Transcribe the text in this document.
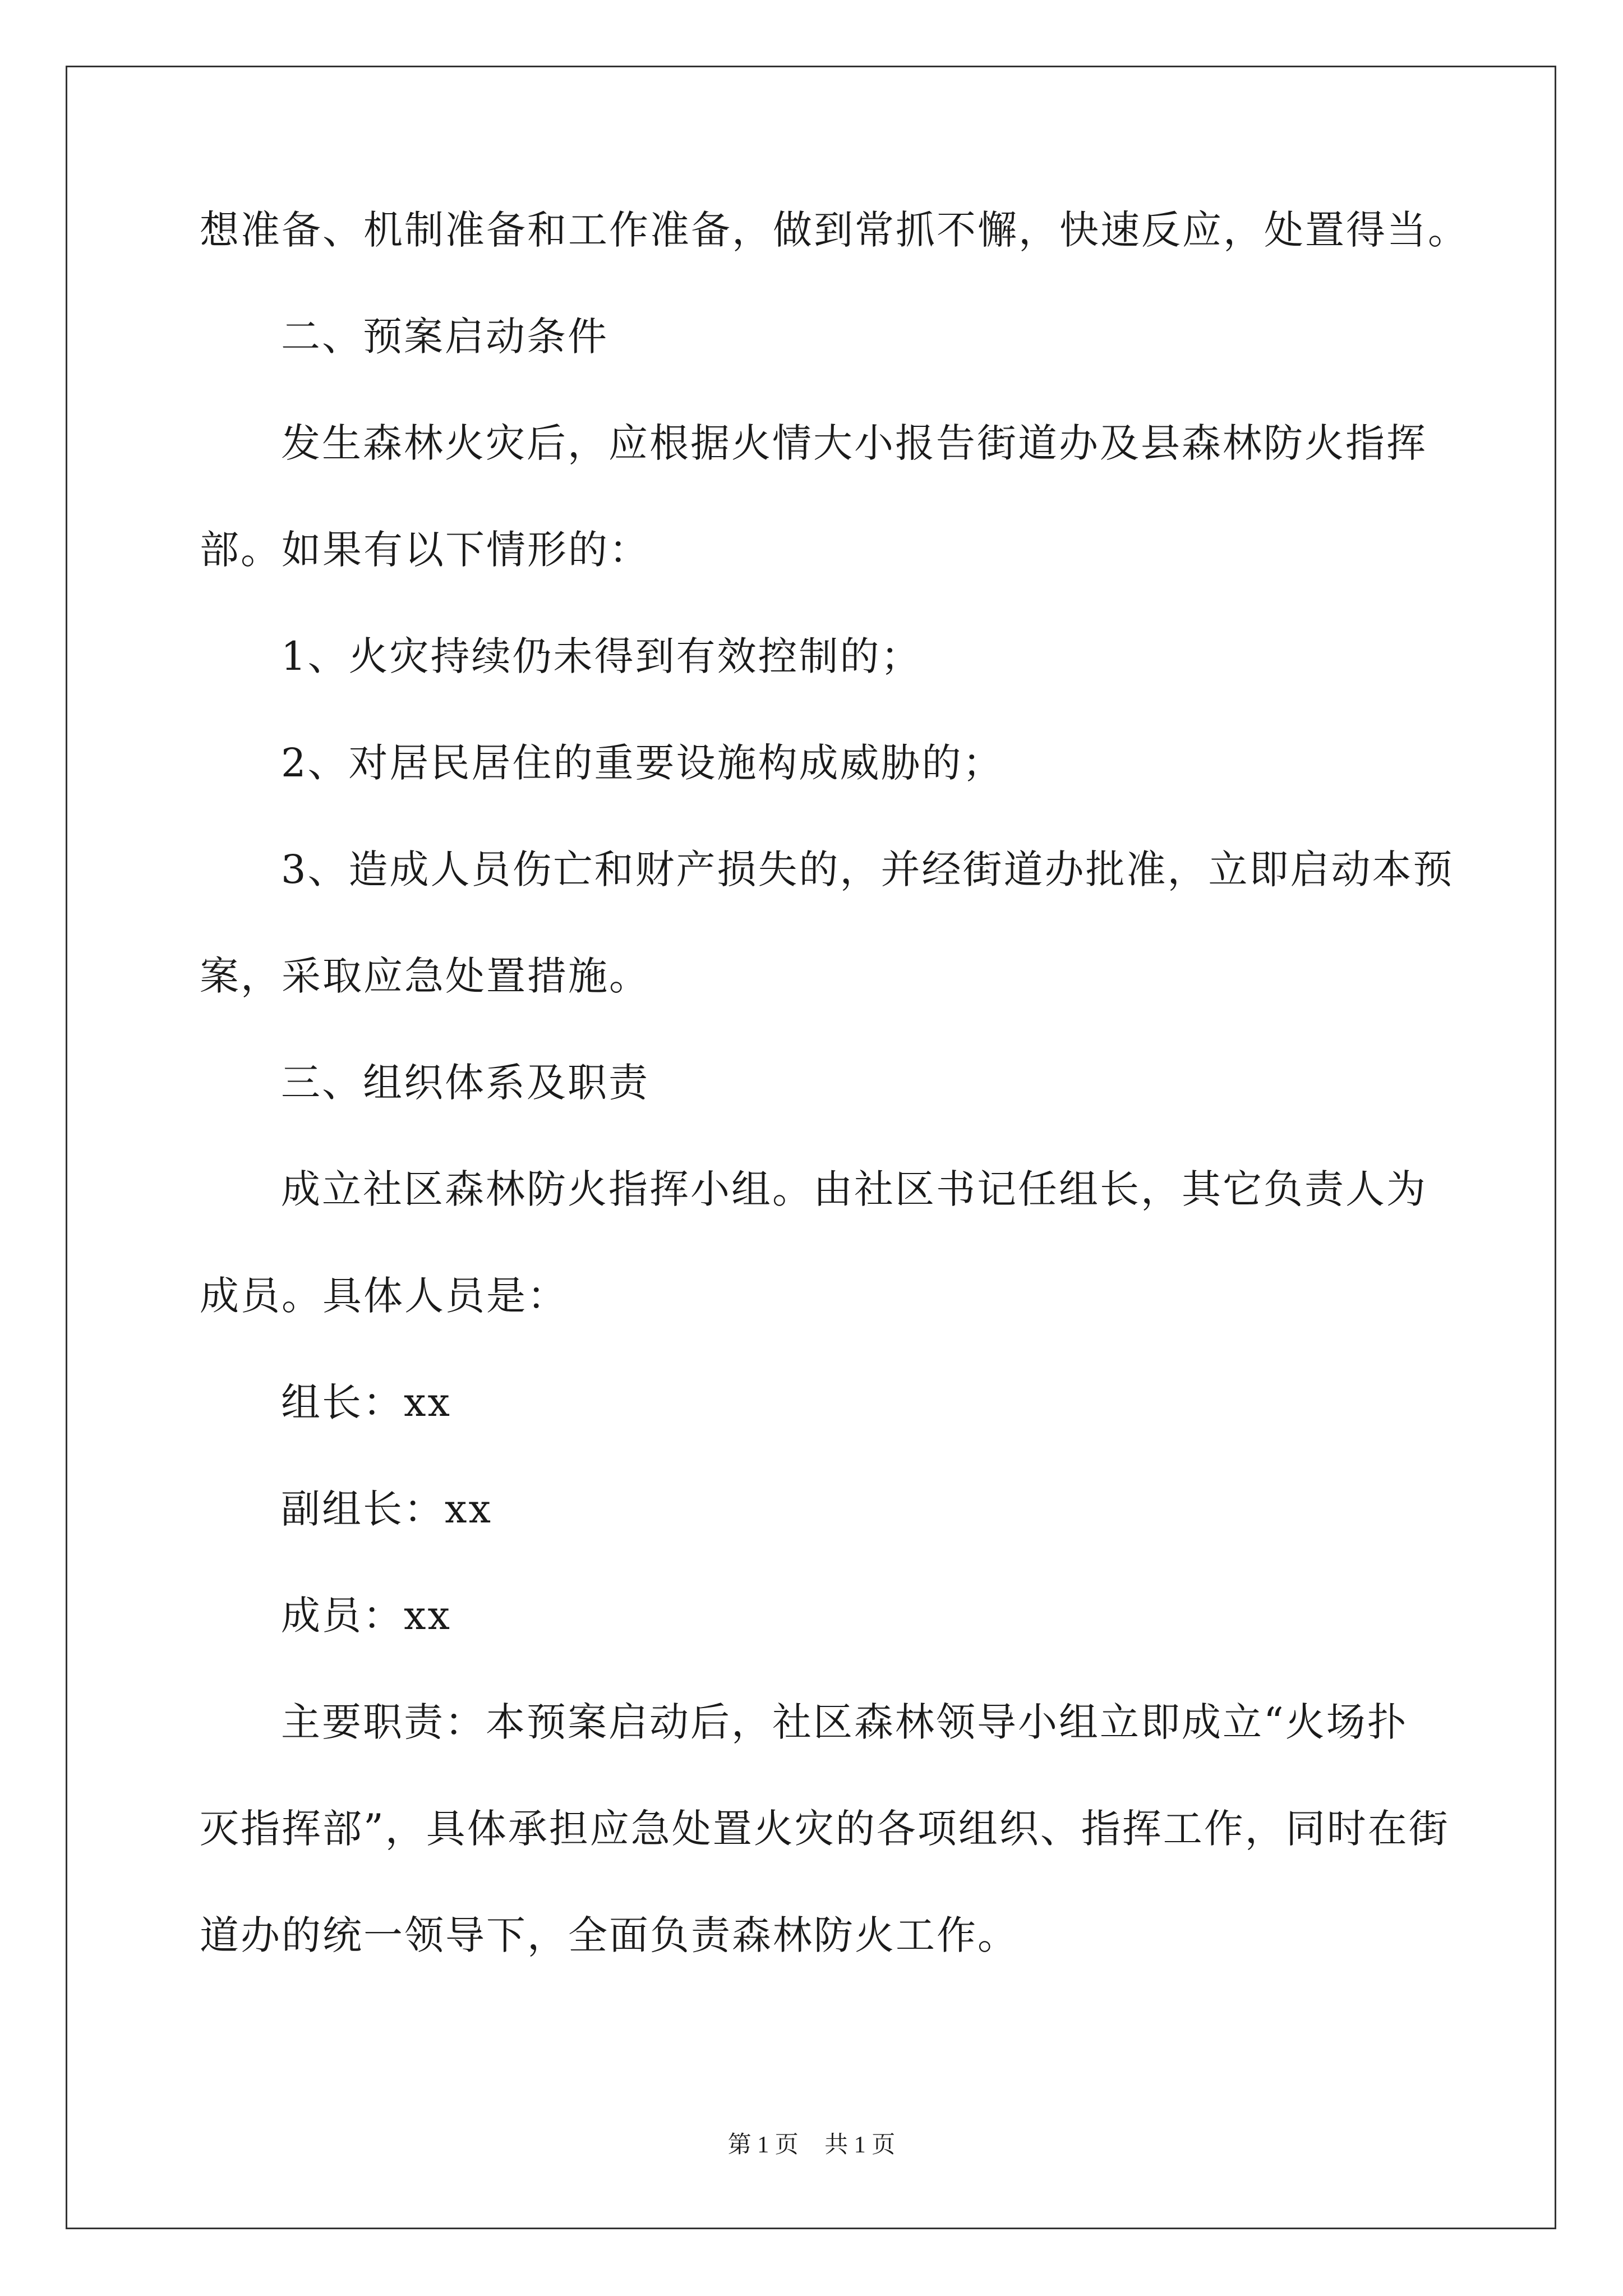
想准备、机制准备和工作准备，做到常抓不懈，快速反应，处置得当。
二、预案启动条件
发生森林火灾后，应根据火情大小报告街道办及县森林防火指挥
部。如果有以下情形的：
1、火灾持续仍未得到有效控制的；
2、对居民居住的重要设施构成威胁的；
3、造成人员伤亡和财产损失的，并经街道办批准，立即启动本预
案，采取应急处置措施。
三、组织体系及职责
成立社区森林防火指挥小组。由社区书记任组长，其它负责人为
成员。具体人员是：
组长：xx
副组长：xx
成员：xx
主要职责：本预案启动后，社区森林领导小组立即成立“火场扑
灭指挥部”，具体承担应急处置火灾的各项组织、指挥工作，同时在街
道办的统一领导下，全面负责森林防火工作。
第 1 页 共 1 页
